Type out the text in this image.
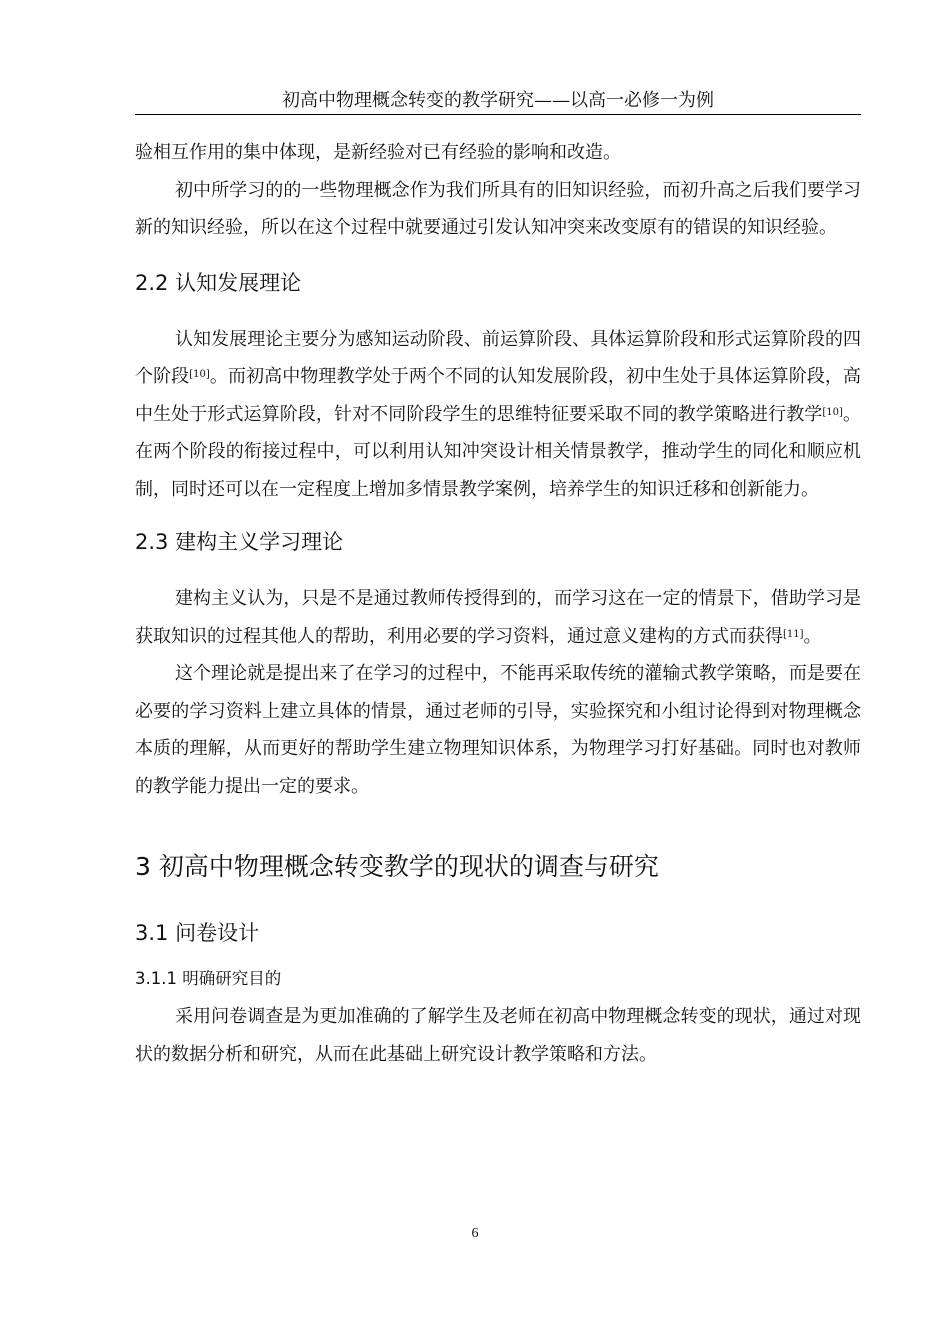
初高中物理概念转变的教学研究——以高一必修一为例

验相互作用的集中体现，是新经验对已有经验的影响和改造。

初中所学习的的一些物理概念作为我们所具有的旧知识经验，而初升高之后我们要学习新的知识经验，所以在这个过程中就要通过引发认知冲突来改变原有的错误的知识经验。

2.2 认知发展理论

认知发展理论主要分为感知运动阶段、前运算阶段、具体运算阶段和形式运算阶段的四个阶段[10]。而初高中物理教学处于两个不同的认知发展阶段，初中生处于具体运算阶段，高中生处于形式运算阶段，针对不同阶段学生的思维特征要采取不同的教学策略进行教学[10]。在两个阶段的衔接过程中，可以利用认知冲突设计相关情景教学，推动学生的同化和顺应机制，同时还可以在一定程度上增加多情景教学案例，培养学生的知识迁移和创新能力。

2.3 建构主义学习理论

建构主义认为，只是不是通过教师传授得到的，而学习这在一定的情景下，借助学习是获取知识的过程其他人的帮助，利用必要的学习资料，通过意义建构的方式而获得[11]。

这个理论就是提出来了在学习的过程中，不能再采取传统的灌输式教学策略，而是要在必要的学习资料上建立具体的情景，通过老师的引导，实验探究和小组讨论得到对物理概念本质的理解，从而更好的帮助学生建立物理知识体系，为物理学习打好基础。同时也对教师的教学能力提出一定的要求。

3 初高中物理概念转变教学的现状的调查与研究

3.1 问卷设计

3.1.1 明确研究目的

采用问卷调查是为更加准确的了解学生及老师在初高中物理概念转变的现状，通过对现状的数据分析和研究，从而在此基础上研究设计教学策略和方法。

6
